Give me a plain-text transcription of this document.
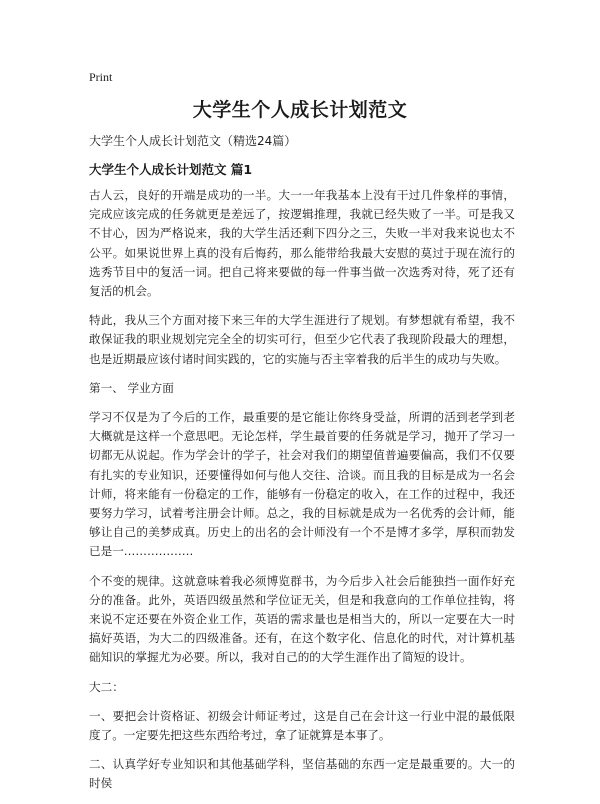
Print
大学生个人成长计划范文
大学生个人成长计划范文（精选24篇）
大学生个人成长计划范文 篇1

古人云，良好的开端是成功的一半。大一一年我基本上没有干过几件象样的事情，完成应该完成的任务就更是差远了，按逻辑推理，我就已经失败了一半。可是我又不甘心，因为严格说来，我的大学生活还剩下四分之三，失败一半对我来说也太不公平。如果说世界上真的没有后悔药，那么能带给我最大安慰的莫过于现在流行的选秀节目中的复活一词。把自己将来要做的每一件事当做一次选秀对待，死了还有复活的机会。

特此，我从三个方面对接下来三年的大学生涯进行了规划。有梦想就有希望，我不敢保证我的职业规划完完全全的切实可行，但至少它代表了我现阶段最大的理想，也是近期最应该付诸时间实践的，它的实施与否主宰着我的后半生的成功与失败。

第一、 学业方面

学习不仅是为了今后的工作，最重要的是它能让你终身受益，所谓的活到老学到老大概就是这样一个意思吧。无论怎样，学生最首要的任务就是学习，抛开了学习一切都无从说起。作为学会计的学子，社会对我们的期望值普遍要偏高，我们不仅要有扎实的专业知识，还要懂得如何与他人交往、洽谈。而且我的目标是成为一名会计师，将来能有一份稳定的工作，能够有一份稳定的收入，在工作的过程中，我还要努力学习，试着考注册会计师。总之，我的目标就是成为一名优秀的会计师，能够让自己的美梦成真。历史上的出名的会计师没有一个不是博才多学，厚积而勃发已是一………………

个不变的规律。这就意味着我必须博览群书，为今后步入社会后能独挡一面作好充分的准备。此外，英语四级虽然和学位证无关，但是和我意向的工作单位挂钩，将来说不定还要在外资企业工作，英语的需求量也是相当大的，所以一定要在大一时搞好英语，为大二的四级准备。还有，在这个数字化、信息化的时代，对计算机基础知识的掌握尤为必要。所以，我对自己的的大学生涯作出了简短的设计。

大二：

一、要把会计资格证、初级会计师证考过，这是自己在会计这一行业中混的最低限度了。一定要先把这些东西给考过，拿了证就算是本事了。

二、认真学好专业知识和其他基础学科，坚信基础的东西一定是最重要的。大一的时侯
